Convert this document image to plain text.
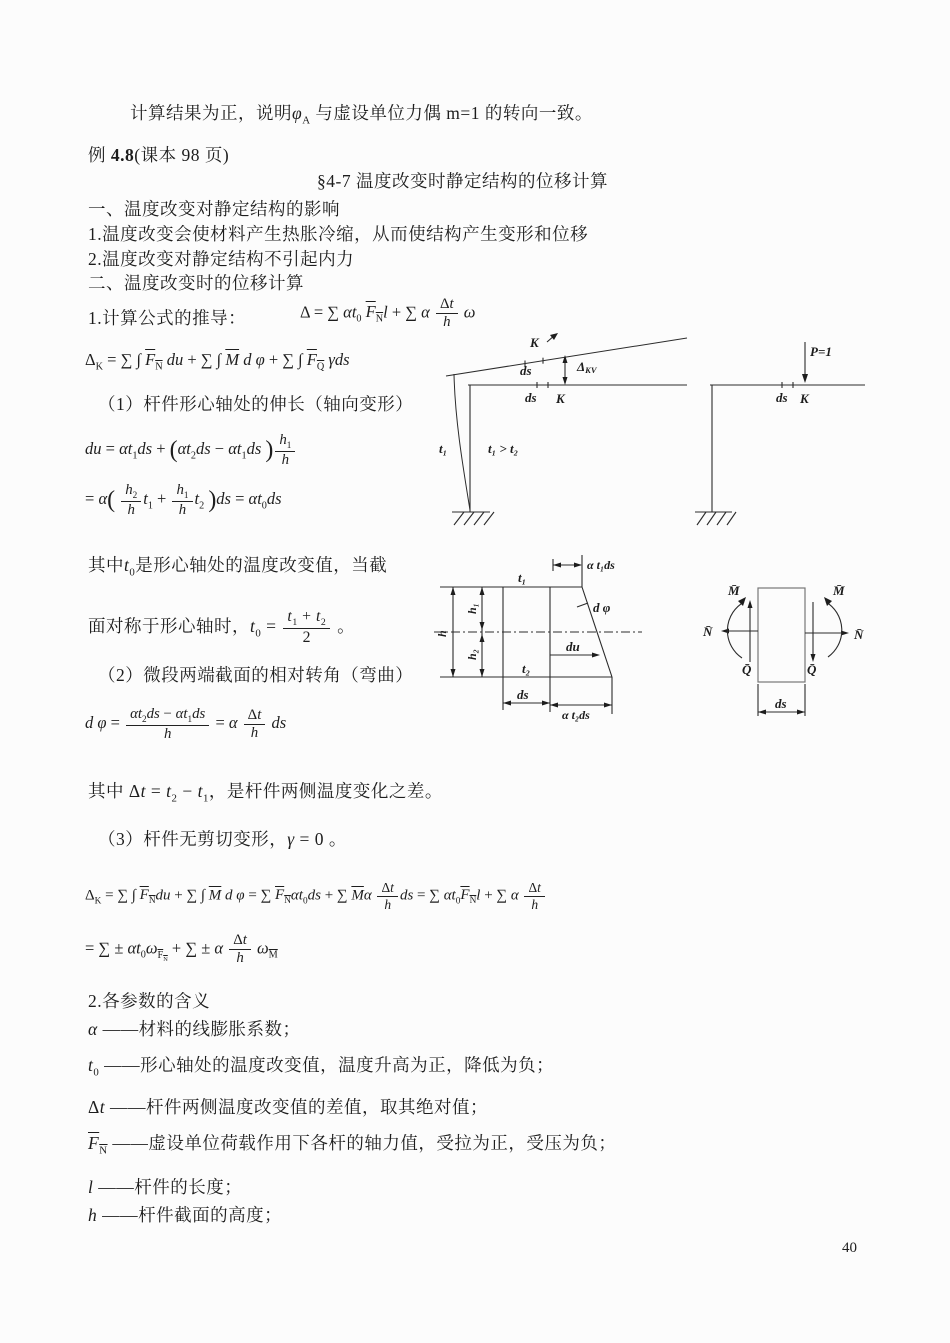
计算结果为正，说明$\varphi_A$ 与虚设单位力偶 m=1 的转向一致。
例 4.8(课本 98 页)
§4-7 温度改变时静定结构的位移计算
一、温度改变对静定结构的影响
1.温度改变会使材料产生热胀冷缩，从而使结构产生变形和位移
2.温度改变对静定结构不引起内力
二、温度改变时的位移计算
1.计算公式的推导：	Δ = ∑ $\alpha t_0$ $F_Nl$ + ∑ α $\frac{\Delta t}{h}$ ω
$\Delta_K$ = ∑ ∫ $F_N$ du + ∑ ∫ $\overline{M}$ d φ + ∑ ∫ $F_Q$ γds
（1）杆件形心轴处的伸长（轴向变形）
du = $\alpha t_1ds + (\alpha t_2ds - \alpha t_1ds$ ) $\frac{h_1}{h}$
= $\alpha( \frac{h_2}{h} t_1 + \frac{h_1}{h} t_2$ )$ds = \alpha t_0ds$
其中$t_0$是形心轴处的温度改变值，当截
面对称于形心轴时，$t_0 = \frac{t_1 + t_2}{2}$ 。
（2）微段两端截面的相对转角（弯曲）
d $\varphi = \frac{\alpha t_2ds - \alpha t_1ds}{h} = \alpha \frac{\Delta t}{h}$ ds
其中 $\Delta t = t_2 - t_1$，是杆件两侧温度变化之差。
（3）杆件无剪切变形，γ = 0 。
$\Delta_K$ = ∑ ∫ $F_Ndu$ + ∑ ∫ $\overline{M}$ d φ = ∑ $F_N\alpha t_0ds$ + ∑ $\overline{M}\alpha \frac{\Delta t}{h}$ ds = ∑ $\alpha t_0F_Nl$ + ∑ α $\frac{\Delta t}{h}$
= ∑ ± $\alpha t_0\omega_{F_N}$ + ∑ ± α $\frac{\Delta t}{h} \omega_{\overline{M}}$
2.各参数的含义
α ——材料的线膨胀系数；
$t_0$ ——形心轴处的温度改变值，温度升高为正，降低为负；
Δt ——杆件两侧温度改变值的差值，取其绝对值；
$F_N$ ——虚设单位荷载作用下各杆的轴力值，受拉为正，受压为负；
l ——杆件的长度；
h ——杆件截面的高度；
40
K
ds	ΔKV
ds K
t₁	t₁ > t₂
P=1
ds K
t₁
t₂
α t₁ds
d φ
du
ds
α t₂ds
h
h₁
h₂
M̄	M̄
N̄	N̄
Q̄	Q̄
ds
